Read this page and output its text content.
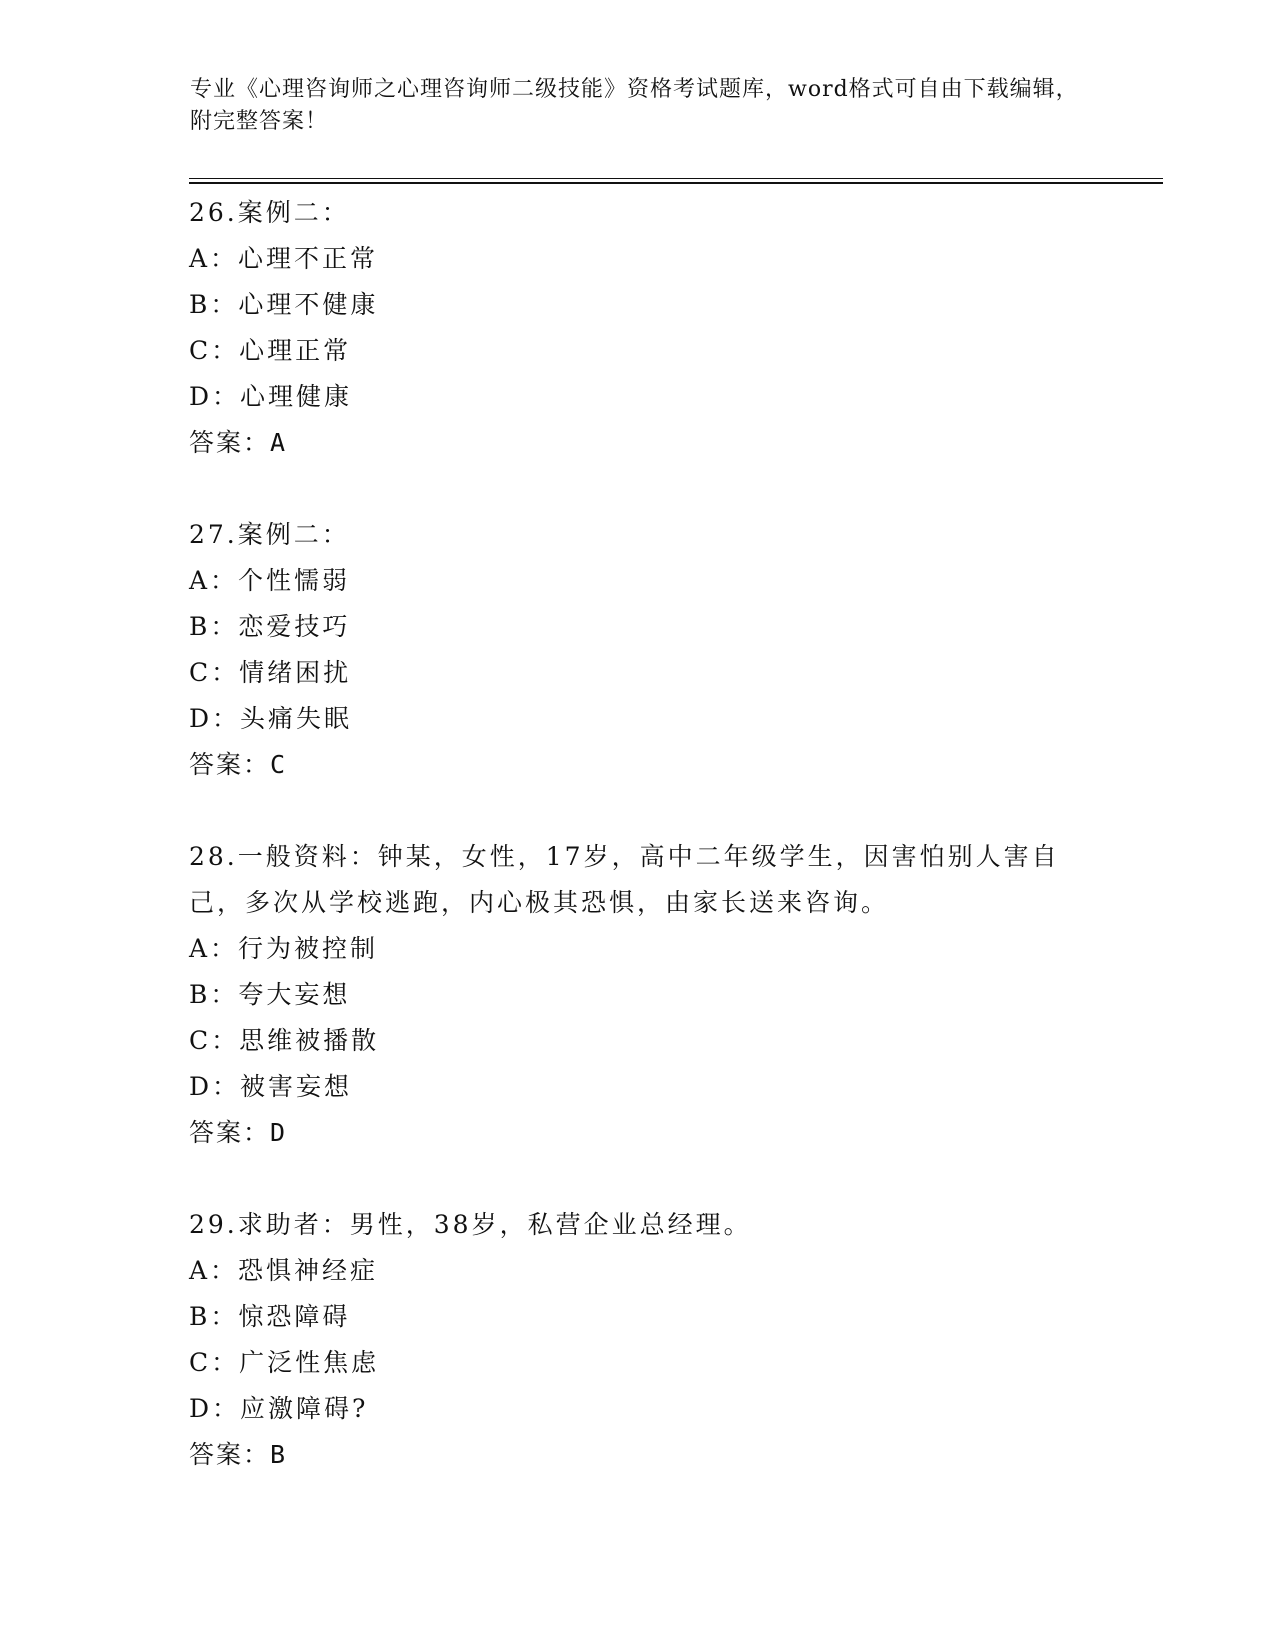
专业《心理咨询师之心理咨询师二级技能》资格考试题库，word格式可自由下载编辑，附完整答案！
26.案例二：
A：心理不正常
B：心理不健康
C：心理正常
D：心理健康
答案：A
27.案例二：
A：个性懦弱
B：恋爱技巧
C：情绪困扰
D：头痛失眠
答案：C
28.一般资料：钟某，女性，17岁，高中二年级学生，因害怕别人害自己，多次从学校逃跑，内心极其恐惧，由家长送来咨询。
A：行为被控制
B：夸大妄想
C：思维被播散
D：被害妄想
答案：D
29.求助者：男性，38岁，私营企业总经理。
A：恐惧神经症
B：惊恐障碍
C：广泛性焦虑
D：应激障碍?
答案：B
